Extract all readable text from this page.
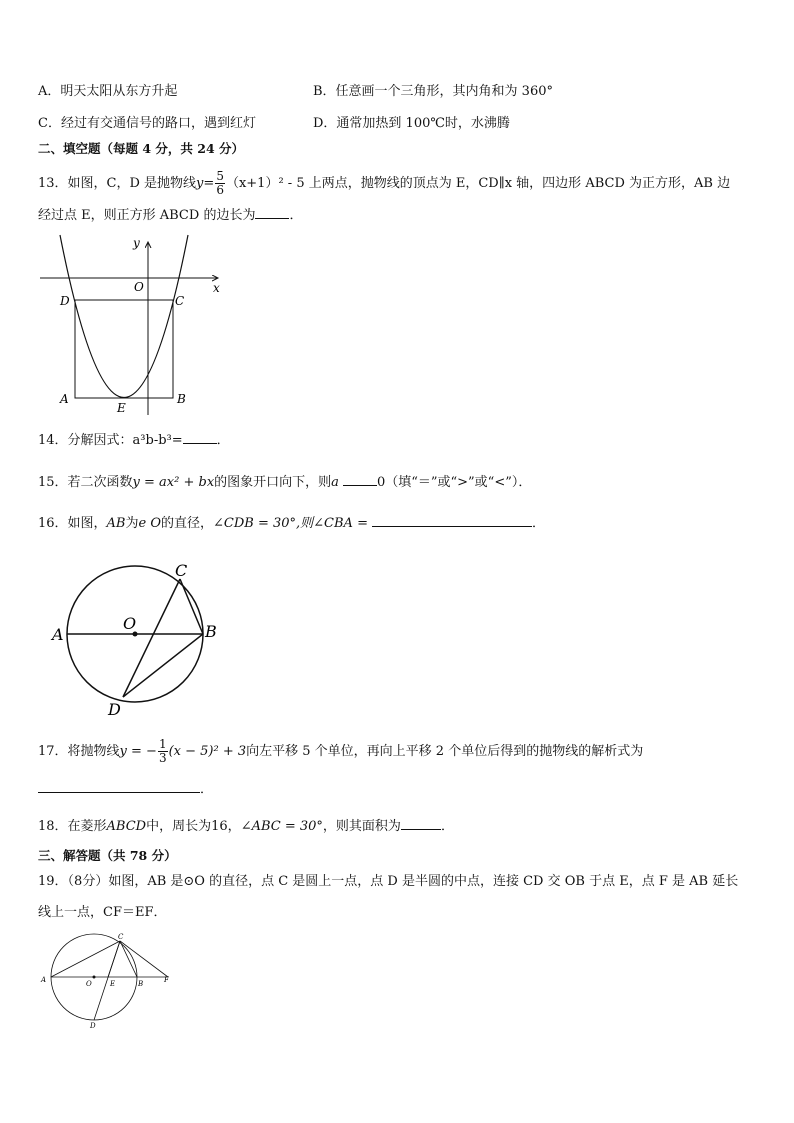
A．明天太阳从东方升起	B．任意画一个三角形，其内角和为 360°
C．经过有交通信号的路口，遇到红灯	D．通常加热到 100℃时，水沸腾
二、填空题（每题 4 分，共 24 分）
13．如图，C，D 是抛物线$y= \frac{5}{6} (x+1)^2 - 5$ 上两点，抛物线的顶点为 E，CD∥x 轴，四边形 ABCD 为正方形，AB 边
经过点 E，则正方形 ABCD 的边长为	．
y
x
O
D	C
A
E
B
14．分解因式：a³b-b³=	．
15．若二次函数y = ax² + bx的图象开口向下，则a	0（填“＝”或“>”或“<”）．
16．如图，AB为e O的直径，∠CDB = 30°,则∠CBA =	．
A
O	B
C
D
17．将抛物线y = − $\frac{1}{3} (x - 5)^2 + 3$向左平移 5 个单位，再向上平移 2 个单位后得到的抛物线的解析式为
．
18．在菱形ABCD中，周长为16，∠ABC = 30°，则其面积为	．
三、解答题（共 78 分）
19．（8分）如图，AB 是⊙O 的直径，点 C 是圆上一点，点 D 是半圆的中点，连接 CD 交 OB 于点 E，点 F 是 AB 延长
线上一点，CF＝EF．
A	O	E	B	F
C
D
